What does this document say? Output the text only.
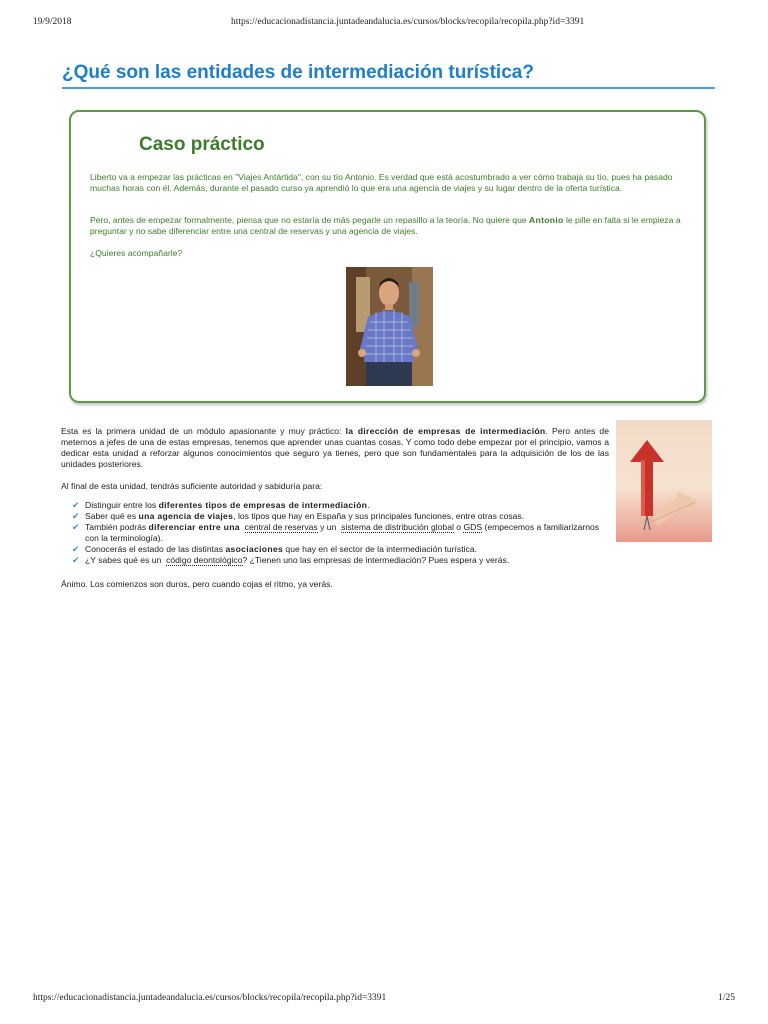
19/9/2018	https://educacionadistancia.juntadeandalucia.es/cursos/blocks/recopila/recopila.php?id=3391
¿Qué son las entidades de intermediación turística?
Caso práctico

Liberto va a empezar las prácticas en "Viajes Antártida", con su tío Antonio. Es verdad que está acostumbrado a ver cómo trabaja su tío, pues ha pasado muchas horas con él. Además, durante el pasado curso ya aprendió lo que era una agencia de viajes y su lugar dentro de la oferta turística.

Pero, antes de empezar formalmente, piensa que no estaría de más pegarle un repasillo a la teoría. No quiere que Antonio le pille en falta si le empieza a preguntar y no sabe diferenciar entre una central de reservas y una agencia de viajes.

¿Quieres acompañarle?

Esta es la primera unidad de un módulo apasionante y muy práctico: la dirección de empresas de intermediación. Pero antes de meternos a jefes de una de estas empresas, tenemos que aprender unas cuantas cosas. Y como todo debe empezar por el principio, vamos a dedicar esta unidad a reforzar algunos conocimientos que seguro ya tienes, pero que son fundamentales para la adquisición de los de las unidades posteriores.

Al final de esta unidad, tendrás suficiente autoridad y sabiduría para:

✔ Distinguir entre los diferentes tipos de empresas de intermediación.
✔ Saber qué es una agencia de viajes, los tipos que hay en España y sus principales funciones, entre otras cosas.
✔ También podrás diferenciar entre una central de reservas y un  sistema de distribución global o GDS (empecemos a familiarizarnos con la terminología).
✔ Conocerás el estado de las distintas asociaciones que hay en el sector de la intermediación turística.
✔ ¿Y sabes qué es un  código deontológico? ¿Tienen uno las empresas de intermediación? Pues espera y verás.

Ánimo. Los comienzos son duros, pero cuando cojas el ritmo, ya verás.

https://educacionadistancia.juntadeandalucia.es/cursos/blocks/recopila/recopila.php?id=3391	1/25
